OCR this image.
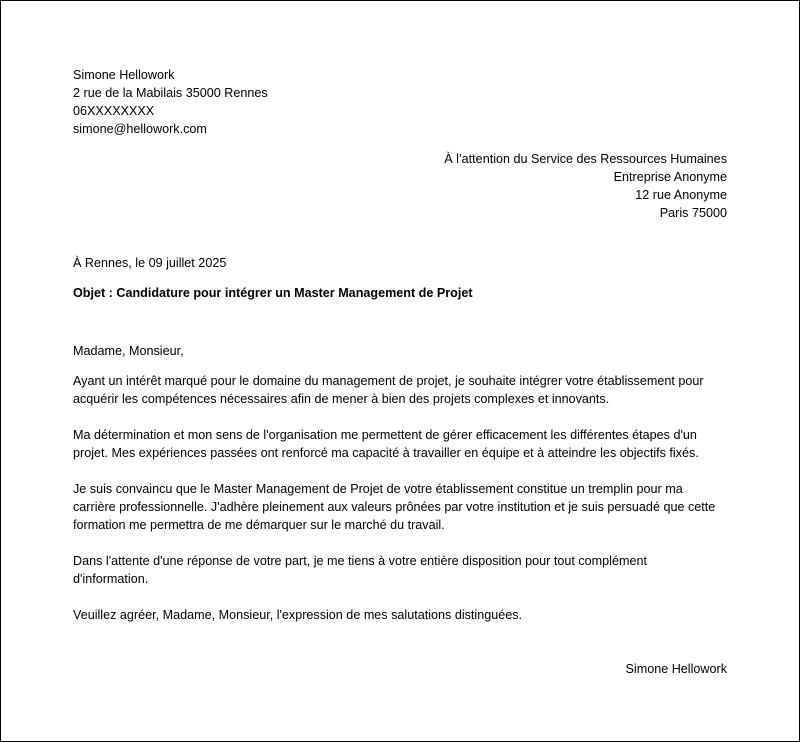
Simone Hellowork
2 rue de la Mabilais 35000 Rennes
06XXXXXXXX
simone@hellowork.com
À l’attention du Service des Ressources Humaines
Entreprise Anonyme
12 rue Anonyme
Paris 75000
À Rennes, le 09 juillet 2025
Objet : Candidature pour intégrer un Master Management de Projet
Madame, Monsieur,

Ayant un intérêt marqué pour le domaine du management de projet, je souhaite intégrer votre établissement pour
acquérir les compétences nécessaires afin de mener à bien des projets complexes et innovants.

Ma détermination et mon sens de l'organisation me permettent de gérer efficacement les différentes étapes d'un
projet. Mes expériences passées ont renforcé ma capacité à travailler en équipe et à atteindre les objectifs fixés.

Je suis convaincu que le Master Management de Projet de votre établissement constitue un tremplin pour ma
carrière professionnelle. J'adhère pleinement aux valeurs prônées par votre institution et je suis persuadé que cette
formation me permettra de me démarquer sur le marché du travail.

Dans l'attente d'une réponse de votre part, je me tiens à votre entière disposition pour tout complément
d'information.

Veuillez agréer, Madame, Monsieur, l'expression de mes salutations distinguées.
Simone Hellowork
